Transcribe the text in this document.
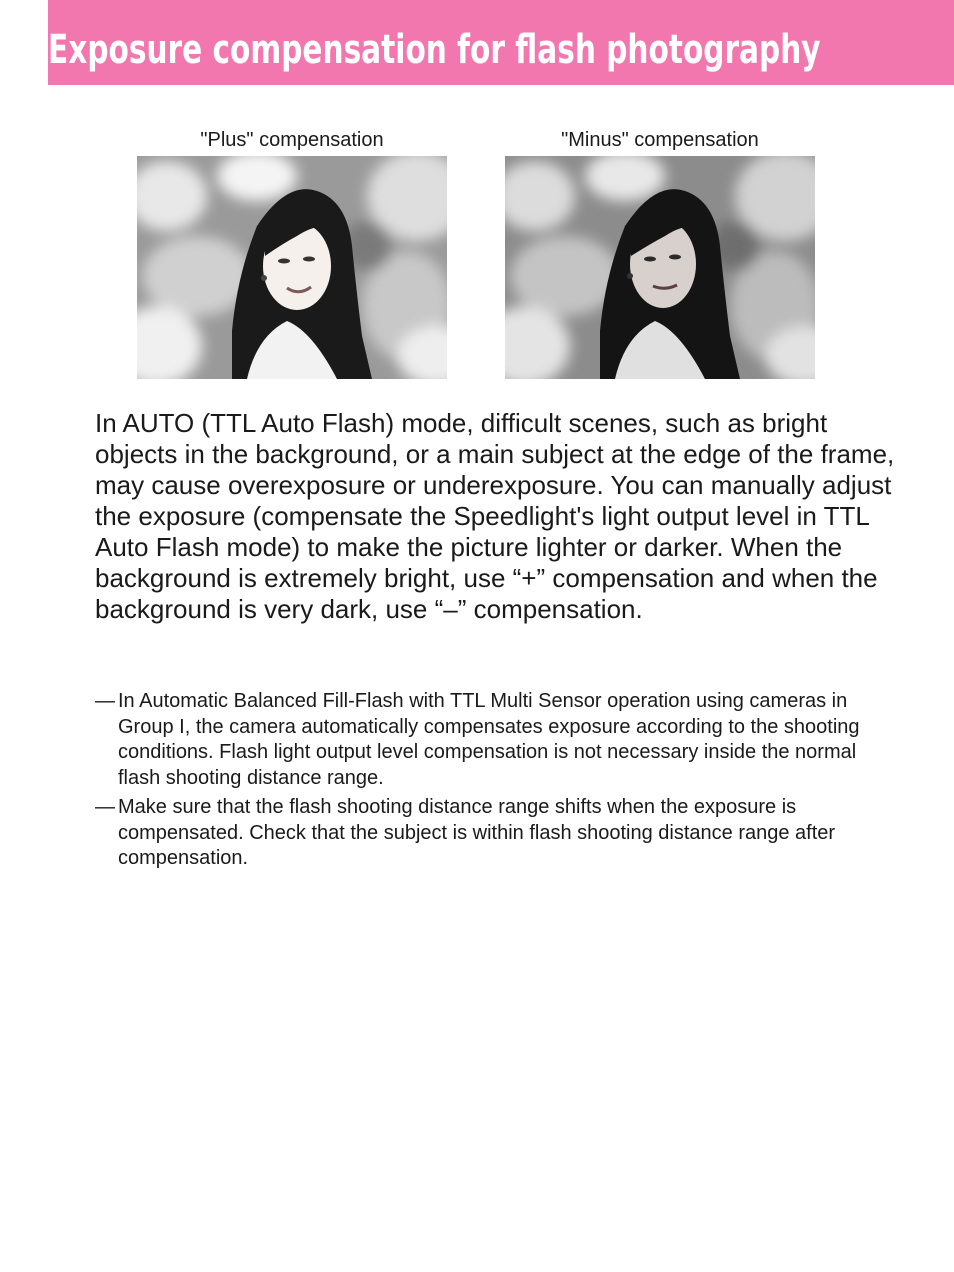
Exposure compensation for flash photography
"Plus" compensation	"Minus" compensation

In AUTO (TTL Auto Flash) mode, difficult scenes, such as bright objects in the background, or a main subject at the edge of the frame, may cause overexposure or underexposure. You can manually adjust the exposure (compensate the Speedlight's light output level in TTL Auto Flash mode) to make the picture lighter or darker. When the background is extremely bright, use “+” compensation and when the background is very dark, use “–” compensation.

— In Automatic Balanced Fill-Flash with TTL Multi Sensor operation using cameras in Group I, the camera automatically compensates exposure according to the shooting conditions. Flash light output level compensation is not necessary inside the normal flash shooting distance range.
— Make sure that the flash shooting distance range shifts when the exposure is compensated. Check that the subject is within flash shooting distance range after compensation.
